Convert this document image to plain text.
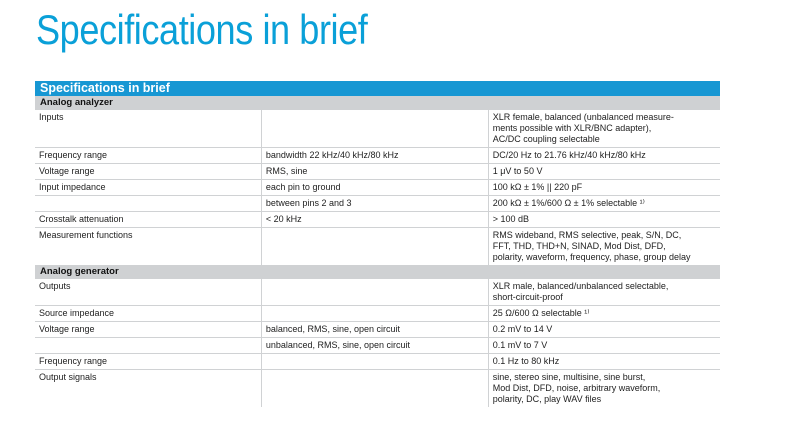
Specifications in brief
Specifications in brief		
Analog analyzer		
Inputs		XLR female, balanced (unbalanced measure-
ments possible with XLR/BNC adapter),
AC/DC coupling selectable
Frequency range	bandwidth 22 kHz/40 kHz/80 kHz	DC/20 Hz to 21.76 kHz/40 kHz/80 kHz
Voltage range	RMS, sine	1 μV to 50 V
Input impedance	each pin to ground	100 kΩ ± 1% || 220 pF
	between pins 2 and 3	200 kΩ ± 1%/600 Ω ± 1% selectable ¹⁾
Crosstalk attenuation	< 20 kHz	> 100 dB
Measurement functions		RMS wideband, RMS selective, peak, S/N, DC,
FFT, THD, THD+N, SINAD, Mod Dist, DFD,
polarity, waveform, frequency, phase, group delay
Analog generator		
Outputs		XLR male, balanced/unbalanced selectable,
short-circuit-proof
Source impedance		25 Ω/600 Ω selectable ¹⁾
Voltage range	balanced, RMS, sine, open circuit	0.2 mV to 14 V
	unbalanced, RMS, sine, open circuit	0.1 mV to 7 V
Frequency range		0.1 Hz to 80 kHz
Output signals		sine, stereo sine, multisine, sine burst,
Mod Dist, DFD, noise, arbitrary waveform,
polarity, DC, play WAV files
